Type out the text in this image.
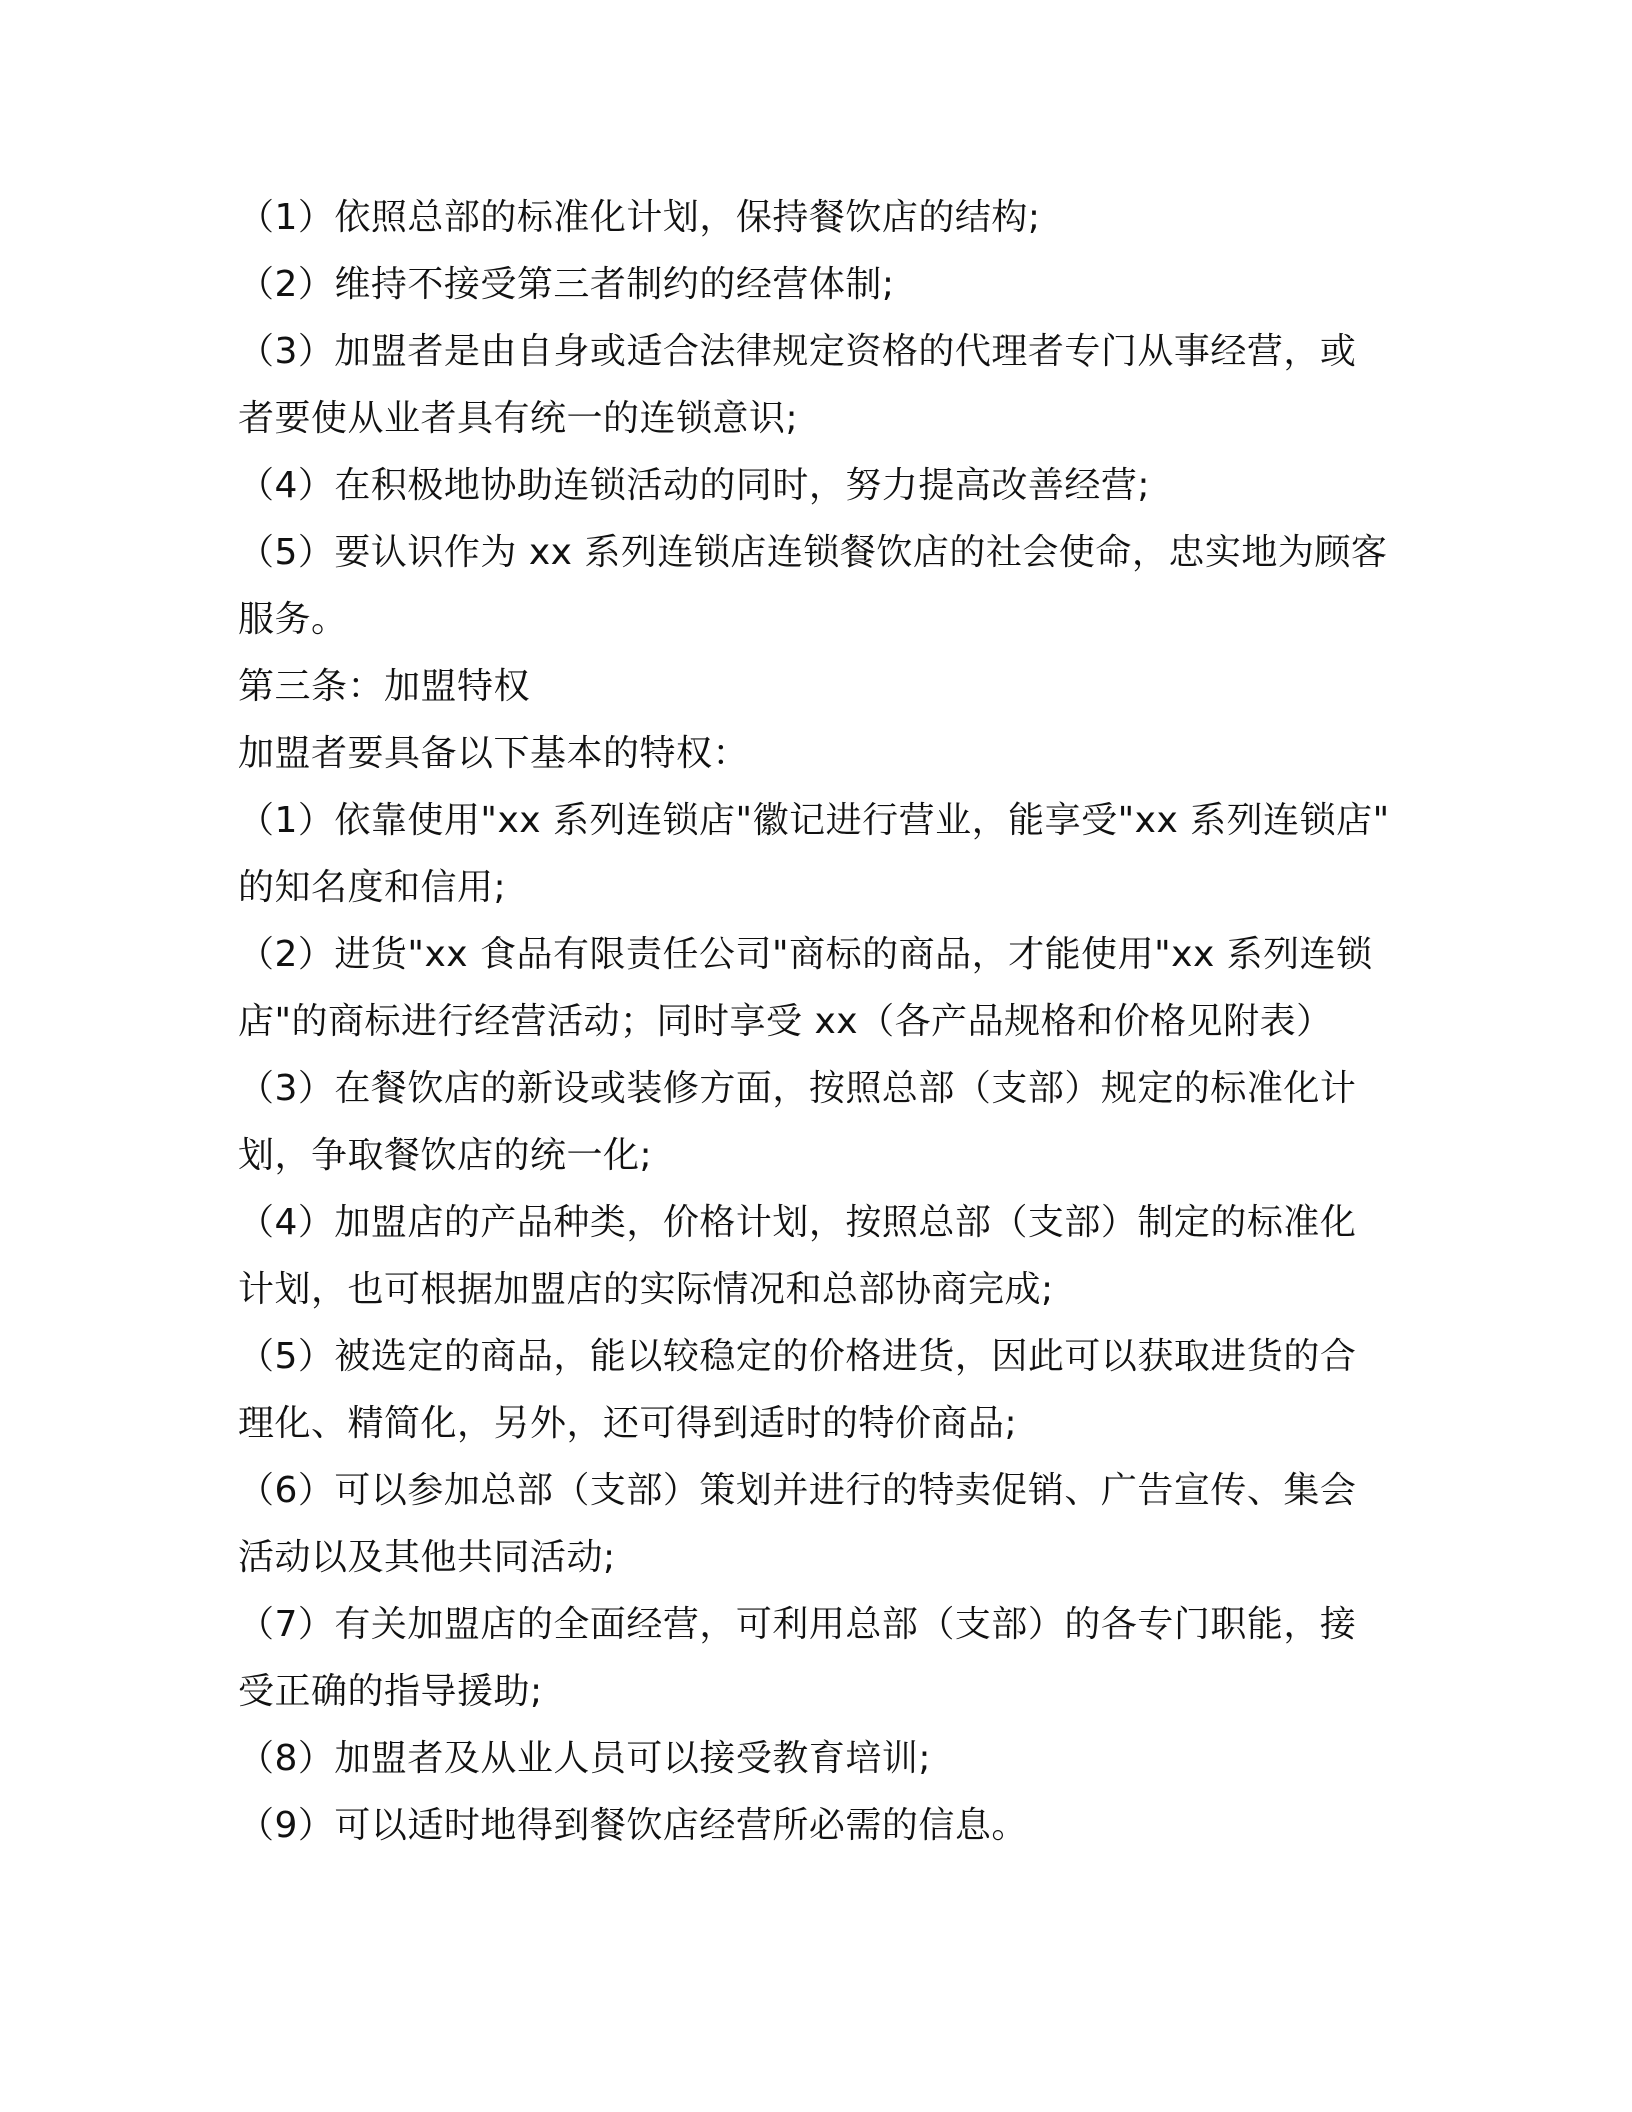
（1）依照总部的标准化计划，保持餐饮店的结构;
（2）维持不接受第三者制约的经营体制;
（3）加盟者是由自身或适合法律规定资格的代理者专门从事经营，或
者要使从业者具有统一的连锁意识;
（4）在积极地协助连锁活动的同时，努力提高改善经营;
（5）要认识作为 xx 系列连锁店连锁餐饮店的社会使命，忠实地为顾客
服务。
第三条：加盟特权
加盟者要具备以下基本的特权：
（1）依靠使用"xx 系列连锁店"徽记进行营业，能享受"xx 系列连锁店"
的知名度和信用;
（2）进货"xx 食品有限责任公司"商标的商品，才能使用"xx 系列连锁
店"的商标进行经营活动；同时享受 xx（各产品规格和价格见附表）
（3）在餐饮店的新设或装修方面，按照总部（支部）规定的标准化计
划，争取餐饮店的统一化;
（4）加盟店的产品种类，价格计划，按照总部（支部）制定的标准化
计划，也可根据加盟店的实际情况和总部协商完成;
（5）被选定的商品，能以较稳定的价格进货，因此可以获取进货的合
理化、精简化，另外，还可得到适时的特价商品;
（6）可以参加总部（支部）策划并进行的特卖促销、广告宣传、集会
活动以及其他共同活动;
（7）有关加盟店的全面经营，可利用总部（支部）的各专门职能，接
受正确的指导援助;
（8）加盟者及从业人员可以接受教育培训;
（9）可以适时地得到餐饮店经营所必需的信息。
